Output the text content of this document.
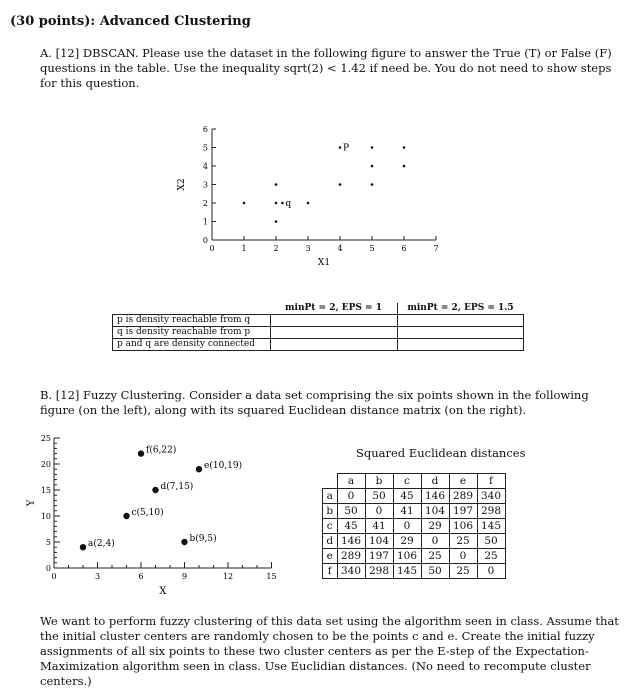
(30 points): Advanced Clustering
A. [12] DBSCAN. Please use the dataset in the following figure to answer the True (T) or False (F) questions in the table. Use the inequality sqrt(2) < 1.42 if need be. You do not need to show steps for this question.
0	1	2	3	4	5	6	7
0
1
2
3
4
5
6
X1
X2
P
q
	minPt = 2, EPS = 1	minPt = 2, EPS = 1.5
p is density reachable from q		
q is density reachable from p		
p and q are density connected		
B. [12] Fuzzy Clustering. Consider a data set comprising the six points shown in the following figure (on the left), along with its squared Euclidean distance matrix (on the right).
0	3	6	9	12	15
0
5
10
15
20
25
X
Y
a(2,4)
b(9,5)
c(5,10)
d(7,15)
e(10,19)
f(6,22)	Squared Euclidean distances
	a	b	c	d	e	f
a	0	50	45	146	289	340
b	50	0	41	104	197	298
c	45	41	0	29	106	145
d	146	104	29	0	25	50
e	289	197	106	25	0	25
f	340	298	145	50	25	0
We want to perform fuzzy clustering of this data set using the algorithm seen in class. Assume that the initial cluster centers are randomly chosen to be the points c and e. Create the initial fuzzy assignments of all six points to these two cluster centers as per the E-step of the Expectation-Maximization algorithm seen in class. Use Euclidian distances. (No need to recompute cluster centers.)
